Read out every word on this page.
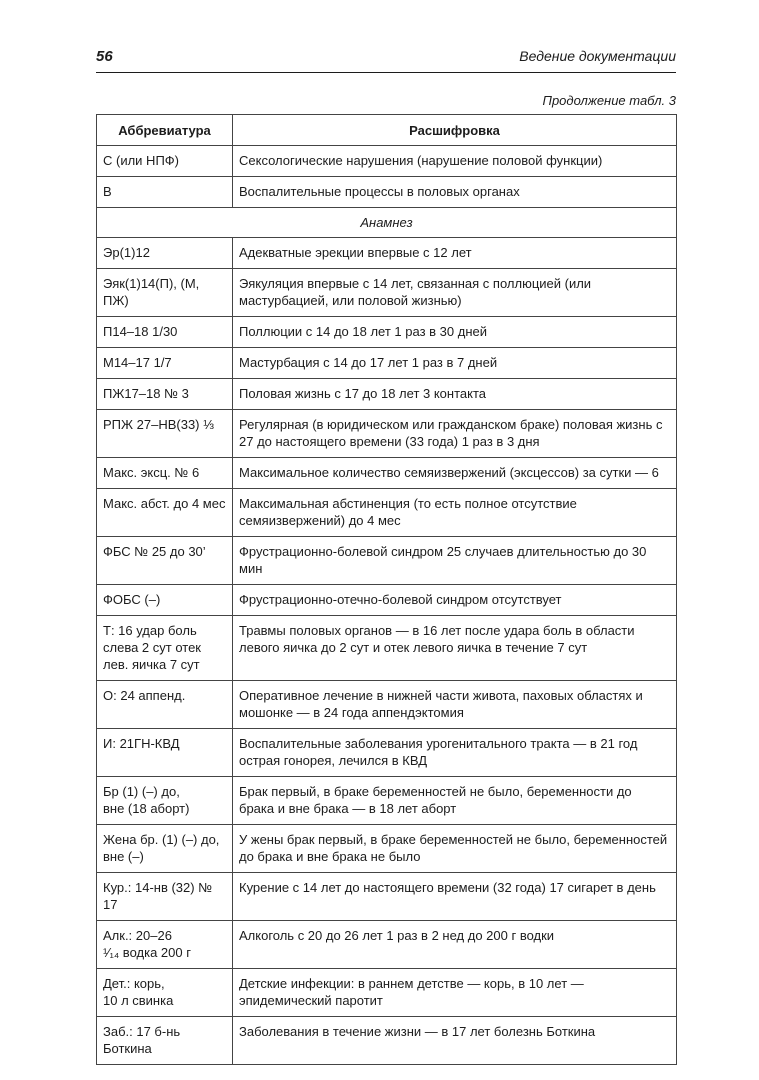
56	Ведение документации
Продолжение табл. 3
Аббревиатура	Расшифровка
С (или НПФ)	Сексологические нарушения (нарушение половой функции)
В	Воспалительные процессы в половых органах
Анамнез	
Эр(1)12	Адекватные эрекции впервые с 12 лет
Эяк(1)14(П), (М, ПЖ)	Эякуляция впервые с 14 лет, связанная с поллюцией (или мастурбацией, или половой жизнью)
П14–18 1/30	Поллюции с 14 до 18 лет 1 раз в 30 дней
М14–17 1/7	Мастурбация с 14 до 17 лет 1 раз в 7 дней
ПЖ17–18 № 3	Половая жизнь с 17 до 18 лет 3 контакта
РПЖ 27–НВ(33) ⅓	Регулярная (в юридическом или гражданском браке) половая жизнь с 27 до настоящего времени (33 года) 1 раз в 3 дня
Макс. эксц. № 6	Максимальное количество семяизвержений (эксцессов) за сутки — 6
Макс. абст. до 4 мес	Максимальная абстиненция (то есть полное отсутствие семяизвержений) до 4 мес
ФБС № 25 до 30’	Фрустрационно-болевой синдром 25 случаев длительностью до 30 мин
ФОБС (–)	Фрустрационно-отечно-болевой синдром отсутствует
Т: 16 удар боль
слева 2 сут отек
лев. яичка 7 сут	Травмы половых органов — в 16 лет после удара боль в области левого яичка до 2 сут и отек левого яичка в течение 7 сут
О: 24 аппенд.	Оперативное лечение в нижней части живота, паховых областях и мошонке — в 24 года аппендэктомия
И: 21ГН-КВД	Воспалительные заболевания урогенитального тракта — в 21 год острая гонорея, лечился в КВД
Бр (1) (–) до,
вне (18 аборт)	Брак первый, в браке беременностей не было, беременности до брака и вне брака — в 18 лет аборт
Жена бр. (1) (–) до,
вне (–)	У жены брак первый, в браке беременностей не было, беременностей до брака и вне брака не было
Кур.: 14-нв (32) № 17	Курение с 14 лет до настоящего времени (32 года) 17 сигарет в день
Алк.: 20–26
¹⁄₁₄ водка 200 г	Алкоголь с 20 до 26 лет 1 раз в 2 нед до 200 г водки
Дет.: корь,
10 л свинка	Детские инфекции: в раннем детстве — корь, в 10 лет — эпидемический паротит
Заб.: 17 б-нь
Боткина	Заболевания в течение жизни — в 17 лет болезнь Боткина
